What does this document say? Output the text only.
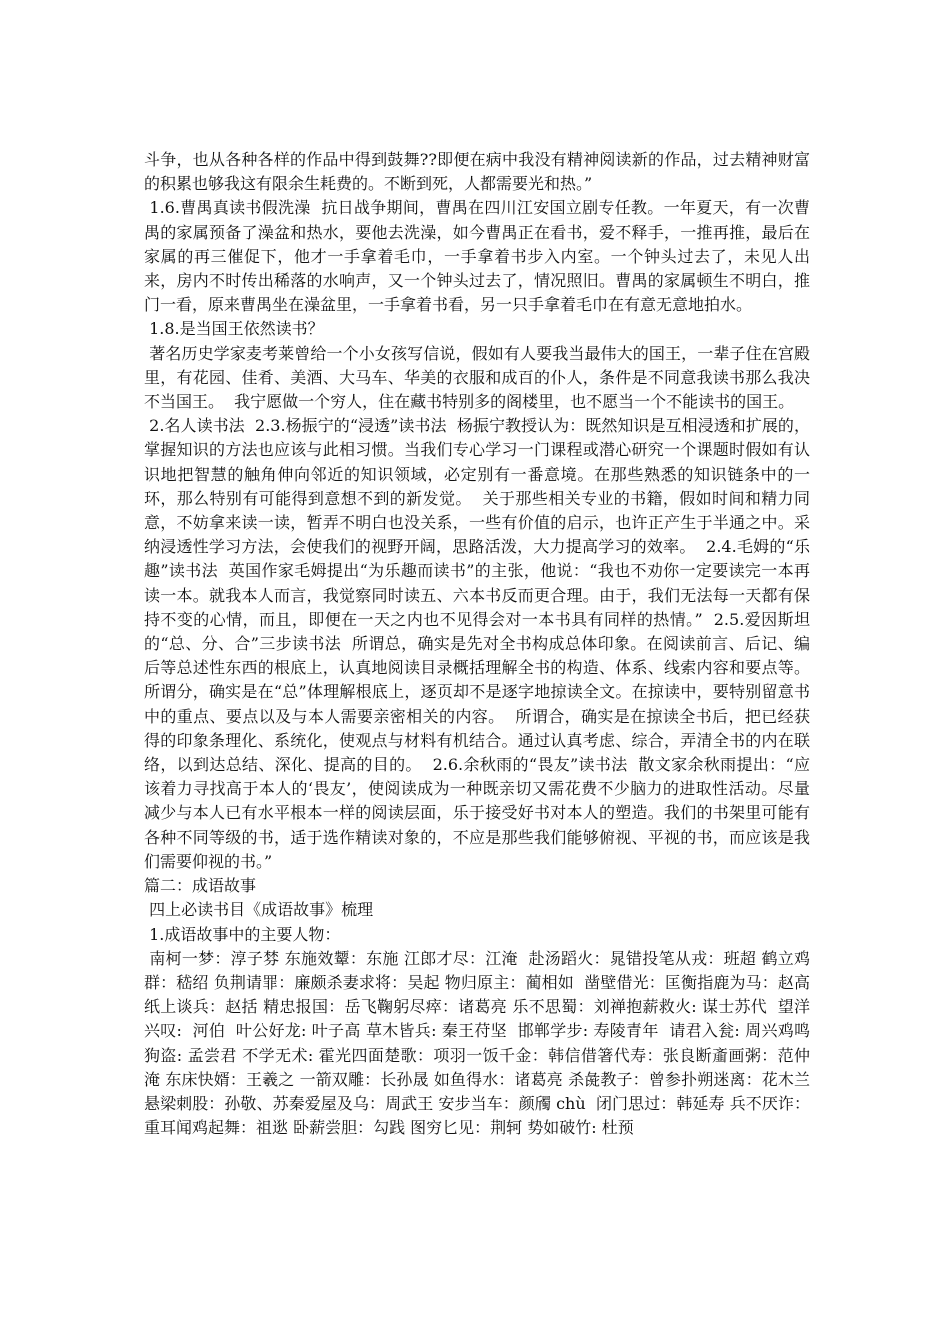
斗争，也从各种各样的作品中得到鼓舞??即便在病中我没有精神阅读新的作品，过去精神财富的积累也够我这有限余生耗费的。不断到死，人都需要光和热。”

1.6.曹禺真读书假洗澡  抗日战争期间，曹禺在四川江安国立剧专任教。一年夏天，有一次曹禺的家属预备了澡盆和热水，要他去洗澡，如今曹禺正在看书，爱不释手，一推再推，最后在家属的再三催促下，他才一手拿着毛巾，一手拿着书步入内室。一个钟头过去了，未见人出来，房内不时传出稀落的水响声，又一个钟头过去了，情况照旧。曹禺的家属顿生不明白，推门一看，原来曹禺坐在澡盆里，一手拿着书看，另一只手拿着毛巾在有意无意地拍水。

1.8.是当国王依然读书？

著名历史学家麦考莱曾给一个小女孩写信说，假如有人要我当最伟大的国王，一辈子住在宫殿里，有花园、佳肴、美酒、大马车、华美的衣服和成百的仆人，条件是不同意我读书那么我决不当国王。  我宁愿做一个穷人，住在藏书特别多的阁楼里，也不愿当一个不能读书的国王。

2.名人读书法  2.3.杨振宁的“浸透”读书法  杨振宁教授认为：既然知识是互相浸透和扩展的，掌握知识的方法也应该与此相习惯。当我们专心学习一门课程或潜心研究一个课题时假如有认识地把智慧的触角伸向邻近的知识领域，必定别有一番意境。在那些熟悉的知识链条中的一环，那么特别有可能得到意想不到的新发觉。  关于那些相关专业的书籍，假如时间和精力同意，不妨拿来读一读，暂弄不明白也没关系，一些有价值的启示，也许正产生于半通之中。采纳浸透性学习方法，会使我们的视野开阔，思路活泼，大力提高学习的效率。  2.4.毛姆的“乐趣”读书法  英国作家毛姆提出“为乐趣而读书”的主张，他说：“我也不劝你一定要读完一本再读一本。就我本人而言，我觉察同时读五、六本书反而更合理。由于，我们无法每一天都有保持不变的心情，而且，即便在一天之内也不见得会对一本书具有同样的热情。”  2.5.爱因斯坦的“总、分、合”三步读书法  所谓总，确实是先对全书构成总体印象。在阅读前言、后记、编后等总述性东西的根底上，认真地阅读目录概括理解全书的构造、体系、线索内容和要点等。  所谓分，确实是在“总”体理解根底上，逐页却不是逐字地掠读全文。在掠读中，要特别留意书中的重点、要点以及与本人需要亲密相关的内容。  所谓合，确实是在掠读全书后，把已经获得的印象条理化、系统化，使观点与材料有机结合。通过认真考虑、综合，弄清全书的内在联络，以到达总结、深化、提高的目的。  2.6.余秋雨的“畏友”读书法  散文家余秋雨提出：“应该着力寻找高于本人的‘畏友’，使阅读成为一种既亲切又需花费不少脑力的进取性活动。尽量减少与本人已有水平根本一样的阅读层面，乐于接受好书对本人的塑造。我们的书架里可能有各种不同等级的书，适于选作精读对象的，不应是那些我们能够俯视、平视的书，而应该是我们需要仰视的书。”

篇二：成语故事

四上必读书目《成语故事》梳理

1.成语故事中的主要人物：

南柯一梦：淳子棼 东施效颦：东施 江郎才尽：江淹  赴汤蹈火：晁错投笔从戎：班超 鹤立鸡群：嵇绍 负荆请罪：廉颇杀妻求将：吴起 物归原主：蔺相如  凿壁借光：匡衡指鹿为马：赵高 纸上谈兵：赵括 精忠报国：岳飞鞠躬尽瘁：诸葛亮 乐不思蜀：刘禅抱薪救火: 谋士苏代  望洋兴叹:  河伯  叶公好龙: 叶子高 草木皆兵: 秦王苻坚  邯郸学步: 寿陵青年  请君入瓮: 周兴鸡鸣狗盗: 孟尝君 不学无术: 霍光四面楚歌：项羽一饭千金：韩信借箸代寿：张良断齑画粥：范仲淹 东床快婿：王羲之 一箭双雕：长孙晟 如鱼得水：诸葛亮 杀彘教子：曾参扑朔迷离：花木兰 悬梁刺股：孙敬、苏秦爱屋及乌：周武王 安步当车：颜斶 chù  闭门思过：韩延寿 兵不厌诈：重耳闻鸡起舞：祖逖 卧薪尝胆：勾践 图穷匕见：荆轲 势如破竹: 杜预
